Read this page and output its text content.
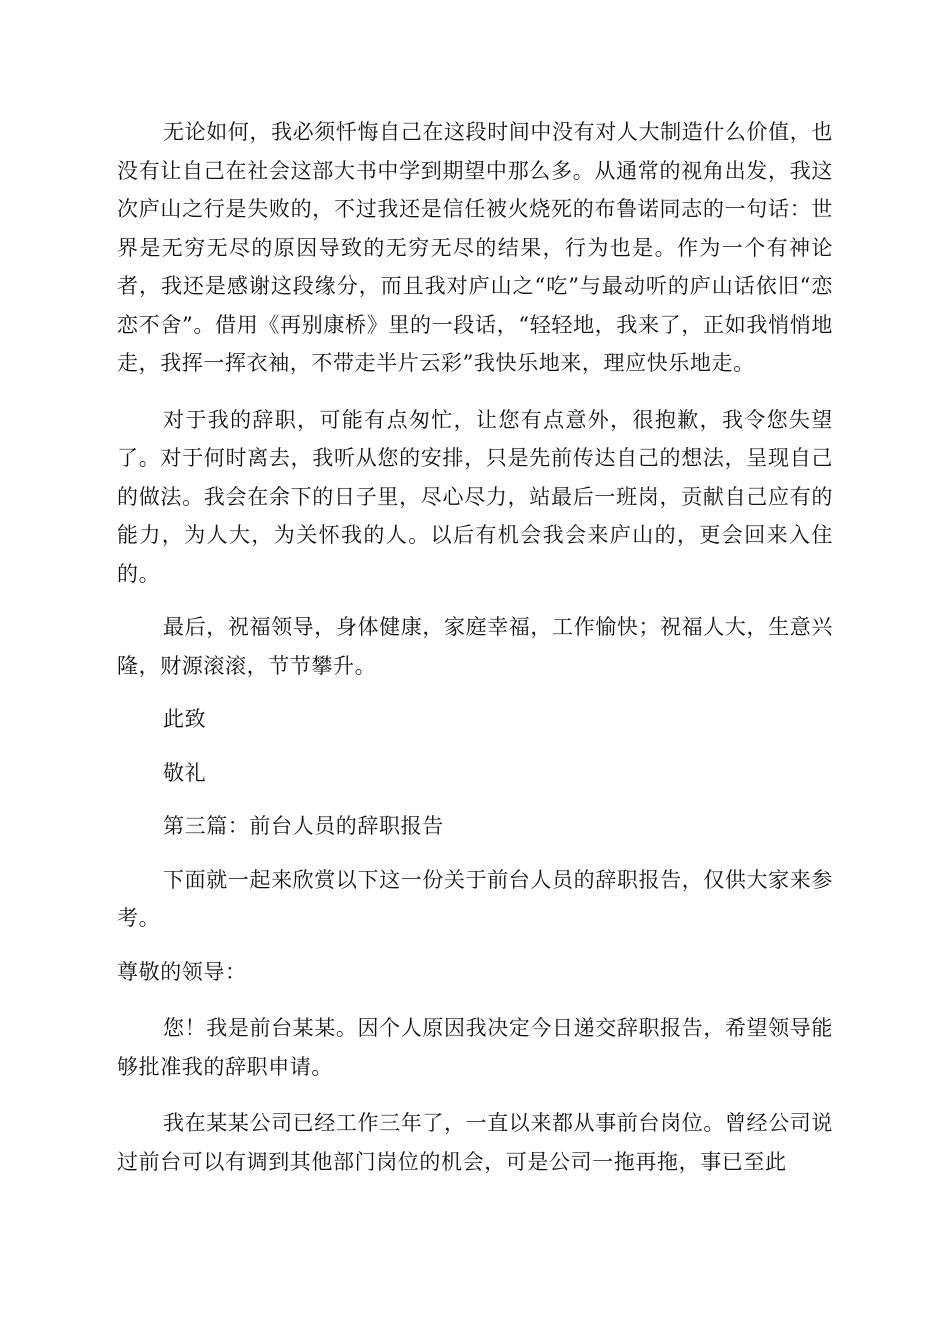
无论如何，我必须忏悔自己在这段时间中没有对人大制造什么价值，也没有让自己在社会这部大书中学到期望中那么多。从通常的视角出发，我这次庐山之行是失败的，不过我还是信任被火烧死的布鲁诺同志的一句话：世界是无穷无尽的原因导致的无穷无尽的结果，行为也是。作为一个有神论者，我还是感谢这段缘分，而且我对庐山之“吃”与最动听的庐山话依旧“恋恋不舍”。借用《再别康桥》里的一段话，“轻轻地，我来了，正如我悄悄地走，我挥一挥衣袖，不带走半片云彩”我快乐地来，理应快乐地走。

对于我的辞职，可能有点匆忙，让您有点意外，很抱歉，我令您失望了。对于何时离去，我听从您的安排，只是先前传达自己的想法，呈现自己的做法。我会在余下的日子里，尽心尽力，站最后一班岗，贡献自己应有的能力，为人大，为关怀我的人。以后有机会我会来庐山的，更会回来入住的。

最后，祝福领导，身体健康，家庭幸福，工作愉快；祝福人大，生意兴隆，财源滚滚，节节攀升。

此致

敬礼

第三篇：前台人员的辞职报告

下面就一起来欣赏以下这一份关于前台人员的辞职报告，仅供大家来参考。

尊敬的领导：

您！我是前台某某。因个人原因我决定今日递交辞职报告，希望领导能够批准我的辞职申请。

我在某某公司已经工作三年了，一直以来都从事前台岗位。曾经公司说过前台可以有调到其他部门岗位的机会，可是公司一拖再拖，事已至此
